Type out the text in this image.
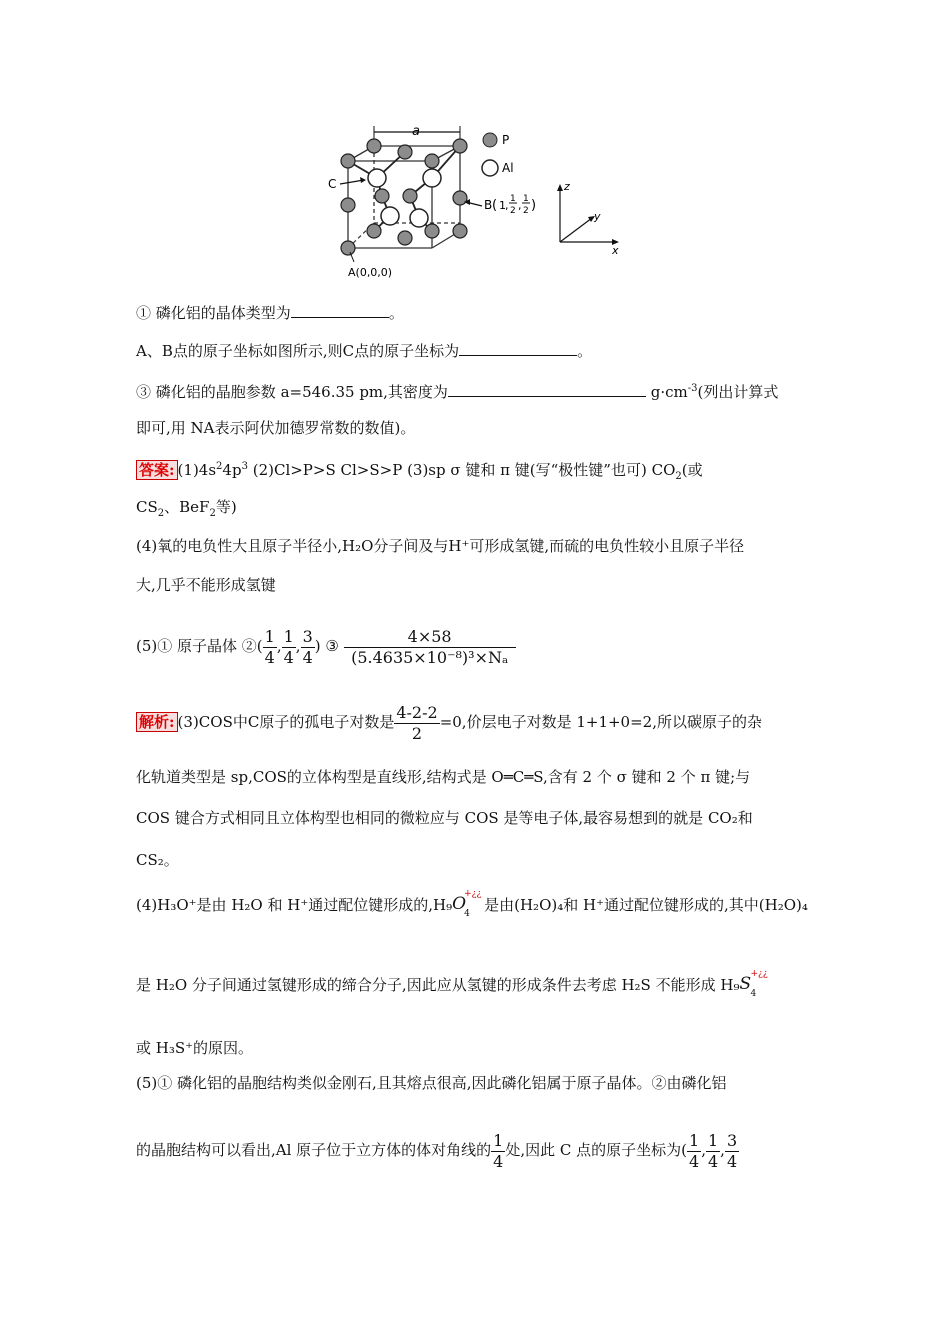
a
C
B ( 1 , 1
2 , 1
2 )
A(0,0,0)
P
Al
z
y
x
① 磷化铝的晶体类型为	。
A、B点的原子坐标如图所示,则C点的原子坐标为	。
③ 磷化铝的晶胞参数 a=546.35 pm,其密度为	$g\cdot cm^{-3}$(列出计算式
即可,用 NA表示阿伏加德罗常数的数值)。
答案: $(1)4s^24p^3$ (2)Cl>P>S Cl>S>P (3)sp σ 键和 π 键(写“极性键”也可) $CO_2$(或
$CS_2$、BeF$_2$等)
(4)氧的电负性大且原子半径小,H₂O分子间及与H⁺可形成氢键,而硫的电负性较小且原子半径
大,几乎不能形成氢键
(5)① 原子晶体 ②( $\frac{1}{4}$ , $\frac{1}{4}$ , $\frac{3}{4}$ ) ③ $\frac{4\times 58}{\text{(5.4635×10⁻⁸)³×Nₐ}}$
解析: (3)COS中C原子的孤电子对数是 $\frac{4-2-2}{2} =0$,价层电子对数是 1+1+0=2,所以碳原子的杂
化轨道类型是 sp,COS的立体构型是直线形,结构式是 O═C═S,含有 2 个 σ 键和 2 个 π 键;与
COS 键合方式相同且立体构型也相同的微粒应与 COS 是等电子体,最容易想到的就是 CO₂和
CS₂。
(4)H₃O⁺是由 H₂O 和 H⁺通过配位键形成的,H₉ O
+¿¿
4 是由(H₂O)₄和 H⁺通过配位键形成的,其中(H₂O)₄
是 H₂O 分子间通过氢键形成的缔合分子,因此应从氢键的形成条件去考虑 H₂S 不能形成 H₉ S +¿¿
4
或 H₃S⁺的原因。
(5)① 磷化铝的晶胞结构类似金刚石,且其熔点很高,因此磷化铝属于原子晶体。②由磷化铝
的晶胞结构可以看出,Al 原子位于立方体的体对角线的 $\frac{1}{4}$ 处,因此 C 点的原子坐标为( $\frac{1}{4}$ , $\frac{1}{4}$ , $\frac{3}{4}$
